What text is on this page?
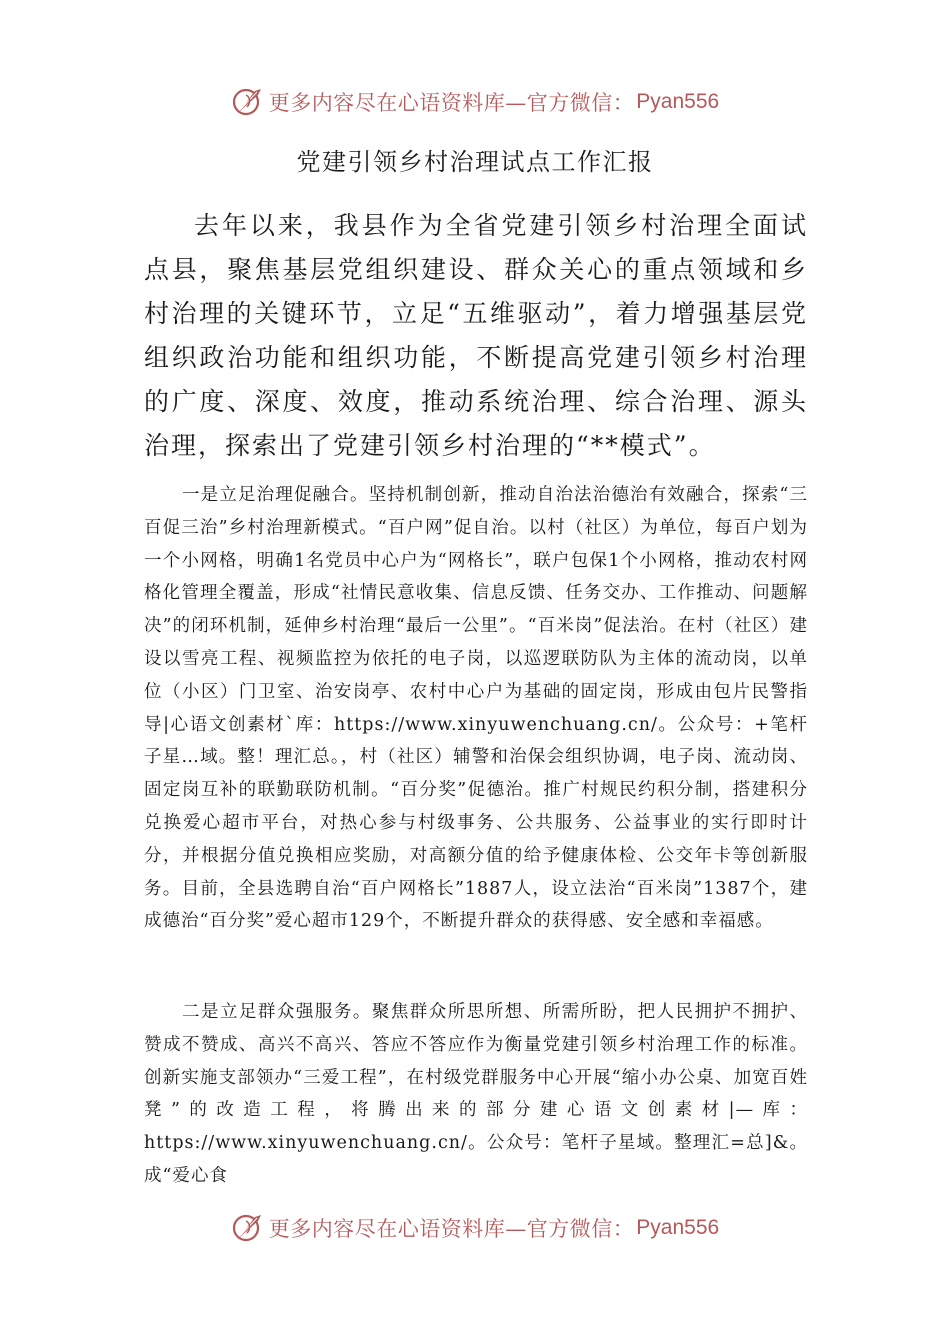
更多内容尽在心语资料库—官方微信： Pyan556
党建引领乡村治理试点工作汇报

去年以来，我县作为全省党建引领乡村治理全面试点县，聚焦基层党组织建设、群众关心的重点领域和乡村治理的关键环节，立足“五维驱动”，着力增强基层党组织政治功能和组织功能，不断提高党建引领乡村治理的广度、深度、效度，推动系统治理、综合治理、源头治理，探索出了党建引领乡村治理的“**模式”。

一是立足治理促融合。坚持机制创新，推动自治法治德治有效融合，探索“三百促三治”乡村治理新模式。“百户网”促自治。以村（社区）为单位，每百户划为一个小网格，明确1名党员中心户为“网格长”，联户包保1个小网格，推动农村网格化管理全覆盖，形成“社情民意收集、信息反馈、任务交办、工作推动、问题解决”的闭环机制，延伸乡村治理“最后一公里”。“百米岗”促法治。在村（社区）建设以雪亮工程、视频监控为依托的电子岗，以巡逻联防队为主体的流动岗，以单位（小区）门卫室、治安岗亭、农村中心户为基础的固定岗，形成由包片民警指导|心语文创素材`库：https://www.xinyuwenchuang.cn/。公众号：+笔杆子星…域。整！理汇总。，村（社区）辅警和治保会组织协调，电子岗、流动岗、固定岗互补的联勤联防机制。“百分奖”促德治。推广村规民约积分制，搭建积分兑换爱心超市平台，对热心参与村级事务、公共服务、公益事业的实行即时计分，并根据分值兑换相应奖励，对高额分值的给予健康体检、公交年卡等创新服务。目前，全县选聘自治“百户网格长”1887人，设立法治“百米岗”1387个，建成德治“百分奖”爱心超市129个，不断提升群众的获得感、安全感和幸福感。

二是立足群众强服务。聚焦群众所思所想、所需所盼，把人民拥护不拥护、赞成不赞成、高兴不高兴、答应不答应作为衡量党建引领乡村治理工作的标准。创新实施支部领办“三爱工程”，在村级党群服务中心开展“缩小办公桌、加宽百姓凳”的改造工程，将腾出来的部分建心语文创素材|—库：https://www.xinyuwenchuang.cn/。公众号：笔杆子星域。整理汇=总]&。成“爱心食

更多内容尽在心语资料库—官方微信： Pyan556
